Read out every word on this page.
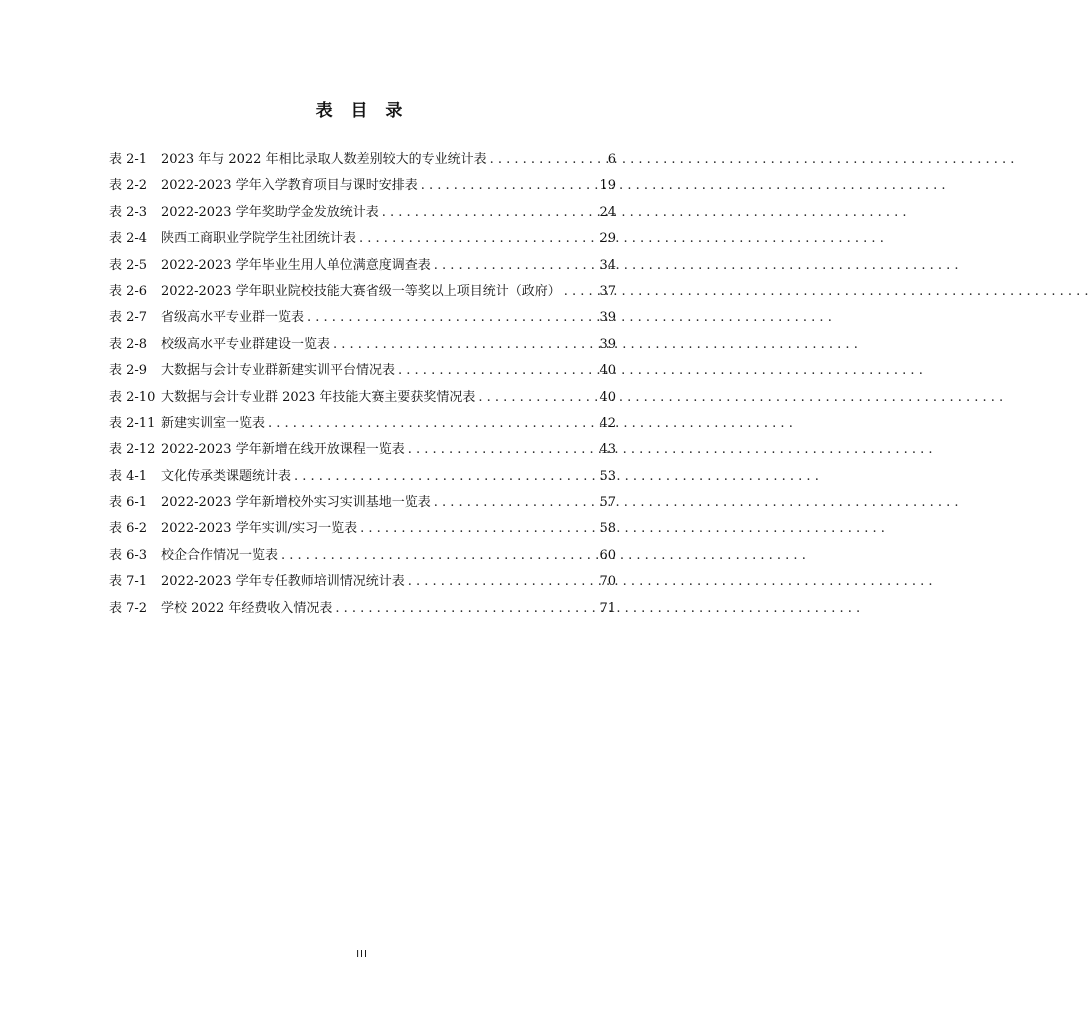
表 目 录
表 2-1	2023 年与 2022 年相比录取人数差别较大的专业统计表 . . .	6
表 2-2	2022-2023 学年入学教育项目与课时安排表 . . .	19
表 2-3	2022-2023 学年奖助学金发放统计表 . . .	24
表 2-4	陕西工商职业学院学生社团统计表 . . .	29
表 2-5	2022-2023 学年毕业生用人单位满意度调查表 . . .	34
表 2-6	2022-2023 学年职业院校技能大赛省级一等奖以上项目统计（政府） . . .	37
表 2-7	省级高水平专业群一览表 . . .	39
表 2-8	校级高水平专业群建设一览表 . . .	39
表 2-9	大数据与会计专业群新建实训平台情况表 . . .	40
表 2-10 大数据与会计专业群 2023 年技能大赛主要获奖情况表 . . .	40
表 2-11 新建实训室一览表 . . .	42
表 2-12 2022-2023 学年新增在线开放课程一览表 . . .	43
表 4-1	文化传承类课题统计表 . . .	53
表 6-1	2022-2023 学年新增校外实习实训基地一览表 . . .	57
表 6-2	2022-2023 学年实训/实习一览表 . . .	58
表 6-3	校企合作情况一览表 . . .	60
表 7-1	2022-2023 学年专任教师培训情况统计表 . . .	70
表 7-2	学校 2022 年经费收入情况表 . . .	71
III
